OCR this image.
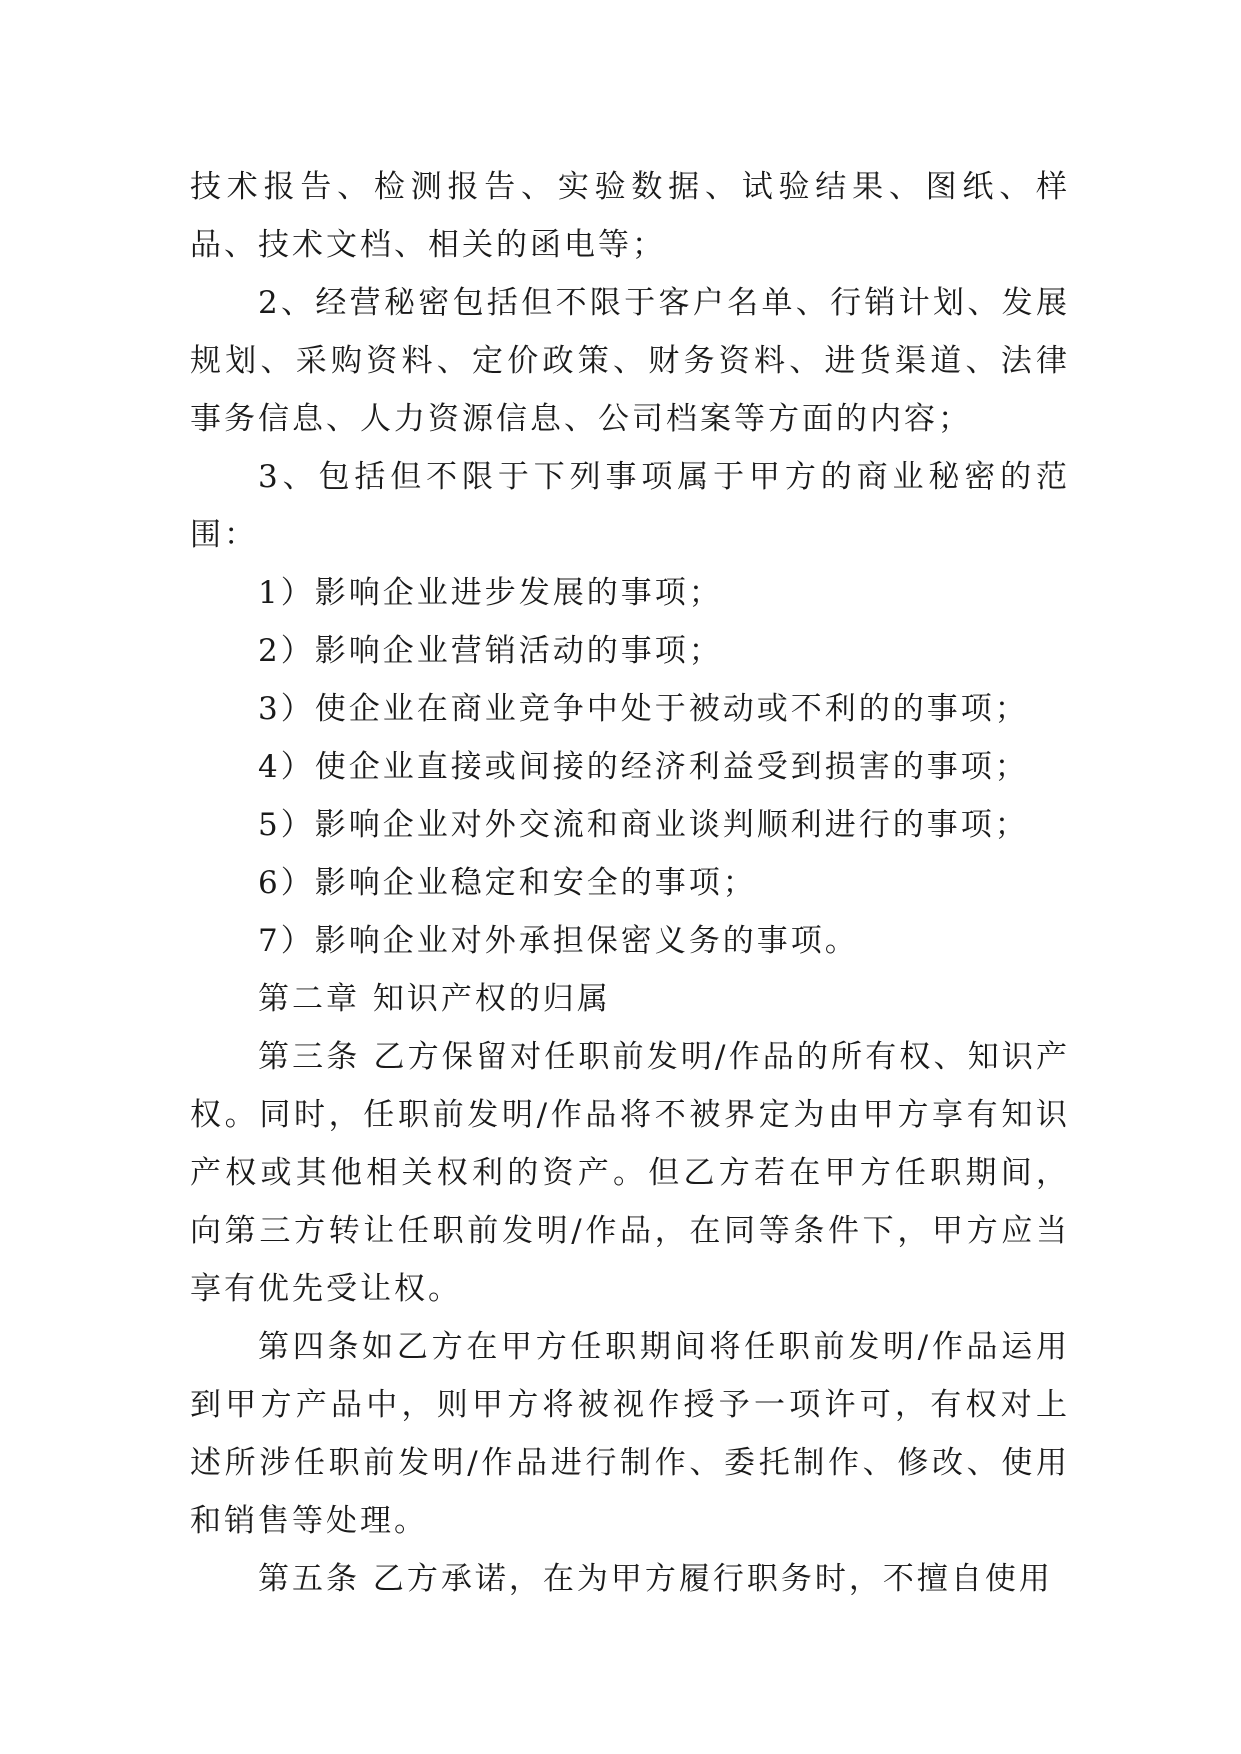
技术报告、检测报告、实验数据、试验结果、图纸、样品、技术文档、相关的函电等；

2、经营秘密包括但不限于客户名单、行销计划、发展规划、采购资料、定价政策、财务资料、进货渠道、法律事务信息、人力资源信息、公司档案等方面的内容；

3、包括但不限于下列事项属于甲方的商业秘密的范围：

1）影响企业进步发展的事项；

2）影响企业营销活动的事项；

3）使企业在商业竞争中处于被动或不利的的事项；

4）使企业直接或间接的经济利益受到损害的事项；

5）影响企业对外交流和商业谈判顺利进行的事项；

6）影响企业稳定和安全的事项；

7）影响企业对外承担保密义务的事项。

第二章 知识产权的归属

第三条 乙方保留对任职前发明/作品的所有权、知识产权。同时，任职前发明/作品将不被界定为由甲方享有知识产权或其他相关权利的资产。但乙方若在甲方任职期间，向第三方转让任职前发明/作品，在同等条件下，甲方应当享有优先受让权。

第四条如乙方在甲方任职期间将任职前发明/作品运用到甲方产品中，则甲方将被视作授予一项许可，有权对上述所涉任职前发明/作品进行制作、委托制作、修改、使用和销售等处理。

第五条 乙方承诺，在为甲方履行职务时，不擅自使用
